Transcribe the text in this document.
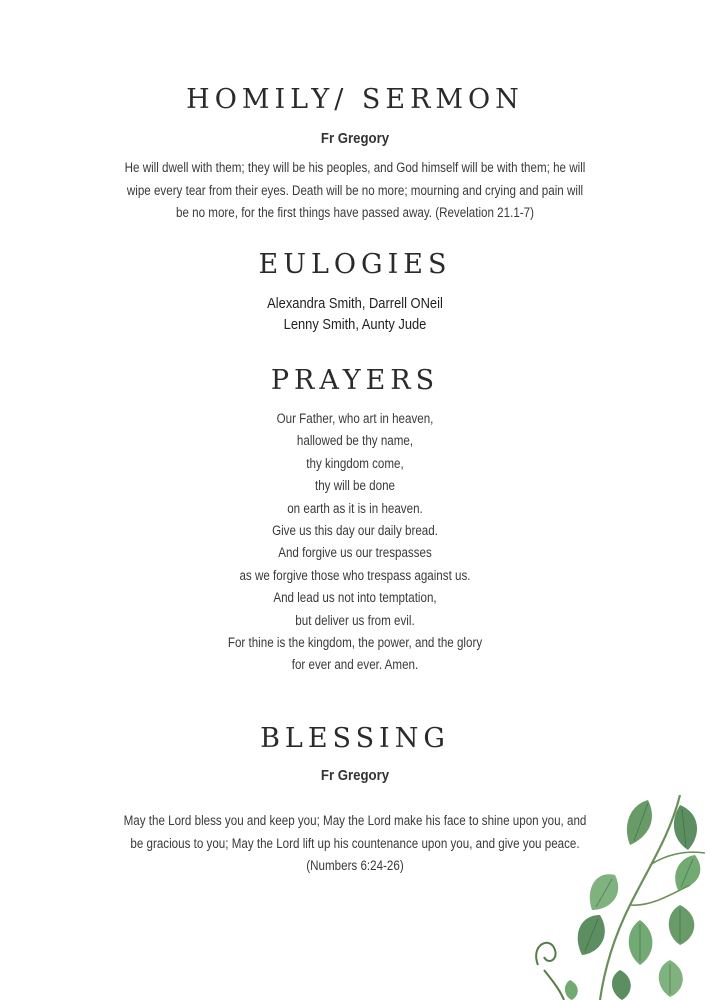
HOMILY/ SERMON
Fr Gregory
He will dwell with them; they will be his peoples, and God himself will be with them; he will
wipe every tear from their eyes. Death will be no more; mourning and crying and pain will
be no more, for the first things have passed away. (Revelation 21.1-7)
EULOGIES
Alexandra Smith, Darrell ONeil
Lenny Smith, Aunty Jude
PRAYERS
Our Father, who art in heaven,
hallowed be thy name,
thy kingdom come,
thy will be done
on earth as it is in heaven.
Give us this day our daily bread.
And forgive us our trespasses
as we forgive those who trespass against us.
And lead us not into temptation,
but deliver us from evil.
For thine is the kingdom, the power, and the glory
for ever and ever. Amen.
BLESSING
Fr Gregory
May the Lord bless you and keep you; May the Lord make his face to shine upon you, and
be gracious to you; May the Lord lift up his countenance upon you, and give you peace.
(Numbers 6:24-26)
